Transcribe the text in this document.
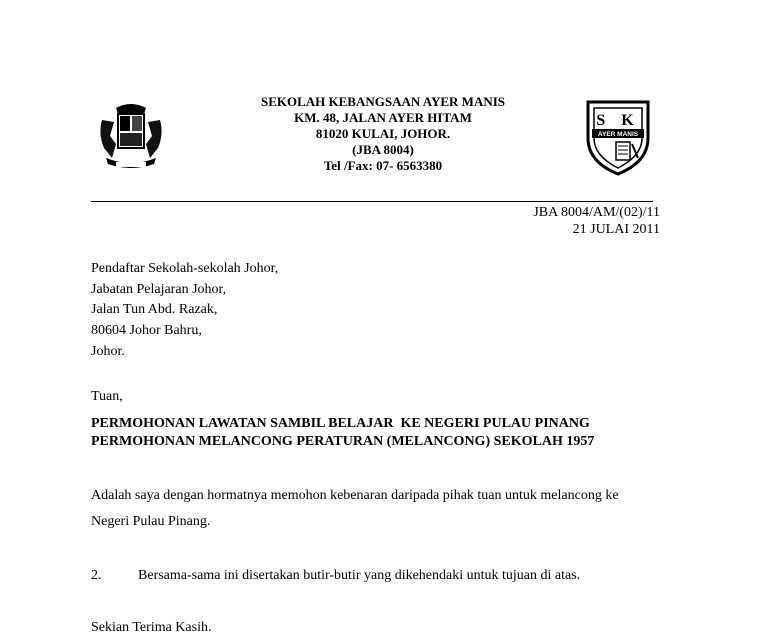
S K
AYER MANIS
SEKOLAH KEBANGSAAN AYER MANIS
KM. 48, JALAN AYER HITAM
81020 KULAI, JOHOR.
(JBA 8004)
Tel /Fax: 07- 6563380
JBA 8004/AM/(02)/11
21 JULAI 2011
Pendaftar Sekolah-sekolah Johor,
Jabatan Pelajaran Johor,
Jalan Tun Abd. Razak,
80604 Johor Bahru,
Johor.
Tuan,
PERMOHONAN LAWATAN SAMBIL BELAJAR  KE NEGERI PULAU PINANG
PERMOHONAN MELANCONG PERATURAN (MELANCONG) SEKOLAH 1957
Adalah saya dengan hormatnya memohon kebenaran daripada pihak tuan untuk melancong ke
Negeri Pulau Pinang.
2.	Bersama-sama ini disertakan butir-butir yang dikehendaki untuk tujuan di atas.
Sekian Terima Kasih.
